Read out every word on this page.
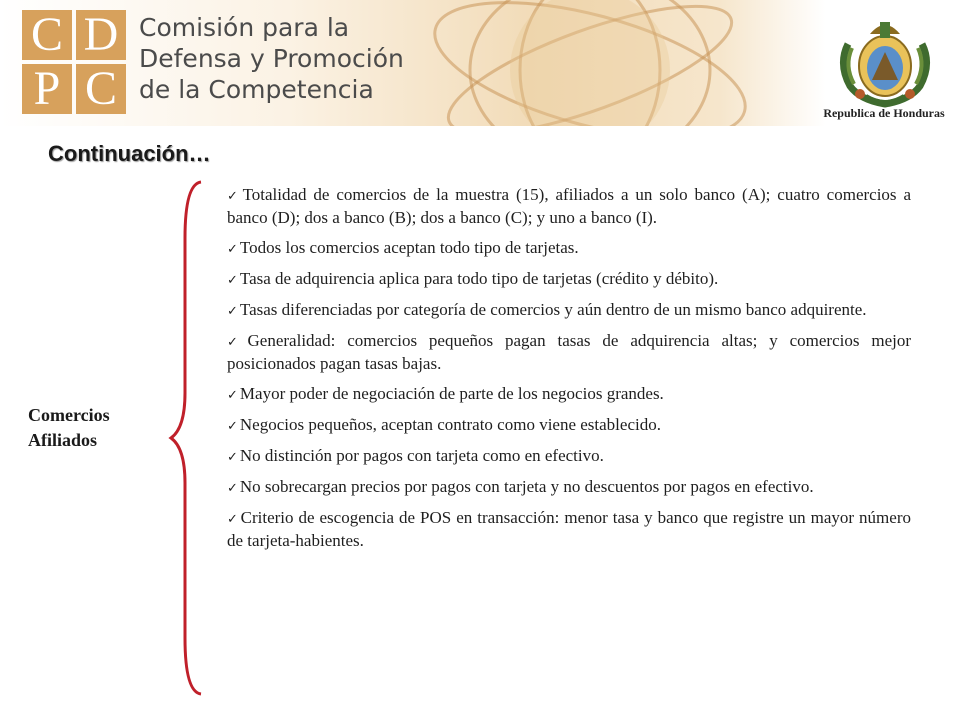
C D
P C
Comisión para la
Defensa y Promoción
de la Competencia
Republica de Honduras
Continuación…
Comercios Afiliados
✓ Totalidad de comercios de la muestra (15), afiliados a un solo banco (A); cuatro comercios a banco (D); dos a banco (B); dos a banco (C); y uno a banco (I).
✓ Todos los comercios aceptan todo tipo de tarjetas.
✓ Tasa de adquirencia aplica para todo tipo de tarjetas (crédito y débito).
✓ Tasas diferenciadas por categoría de comercios y aún dentro de un mismo banco adquirente.
✓ Generalidad: comercios pequeños pagan tasas de adquirencia altas; y comercios mejor posicionados pagan tasas bajas.
✓ Mayor poder de negociación de parte de los negocios grandes.
✓ Negocios pequeños, aceptan contrato como viene establecido.
✓ No distinción por pagos con tarjeta como en efectivo.
✓ No sobrecargan precios por pagos con tarjeta y no descuentos por pagos en efectivo.
✓ Criterio de escogencia de POS en transacción: menor tasa y banco que registre un mayor número de tarjeta-habientes.
